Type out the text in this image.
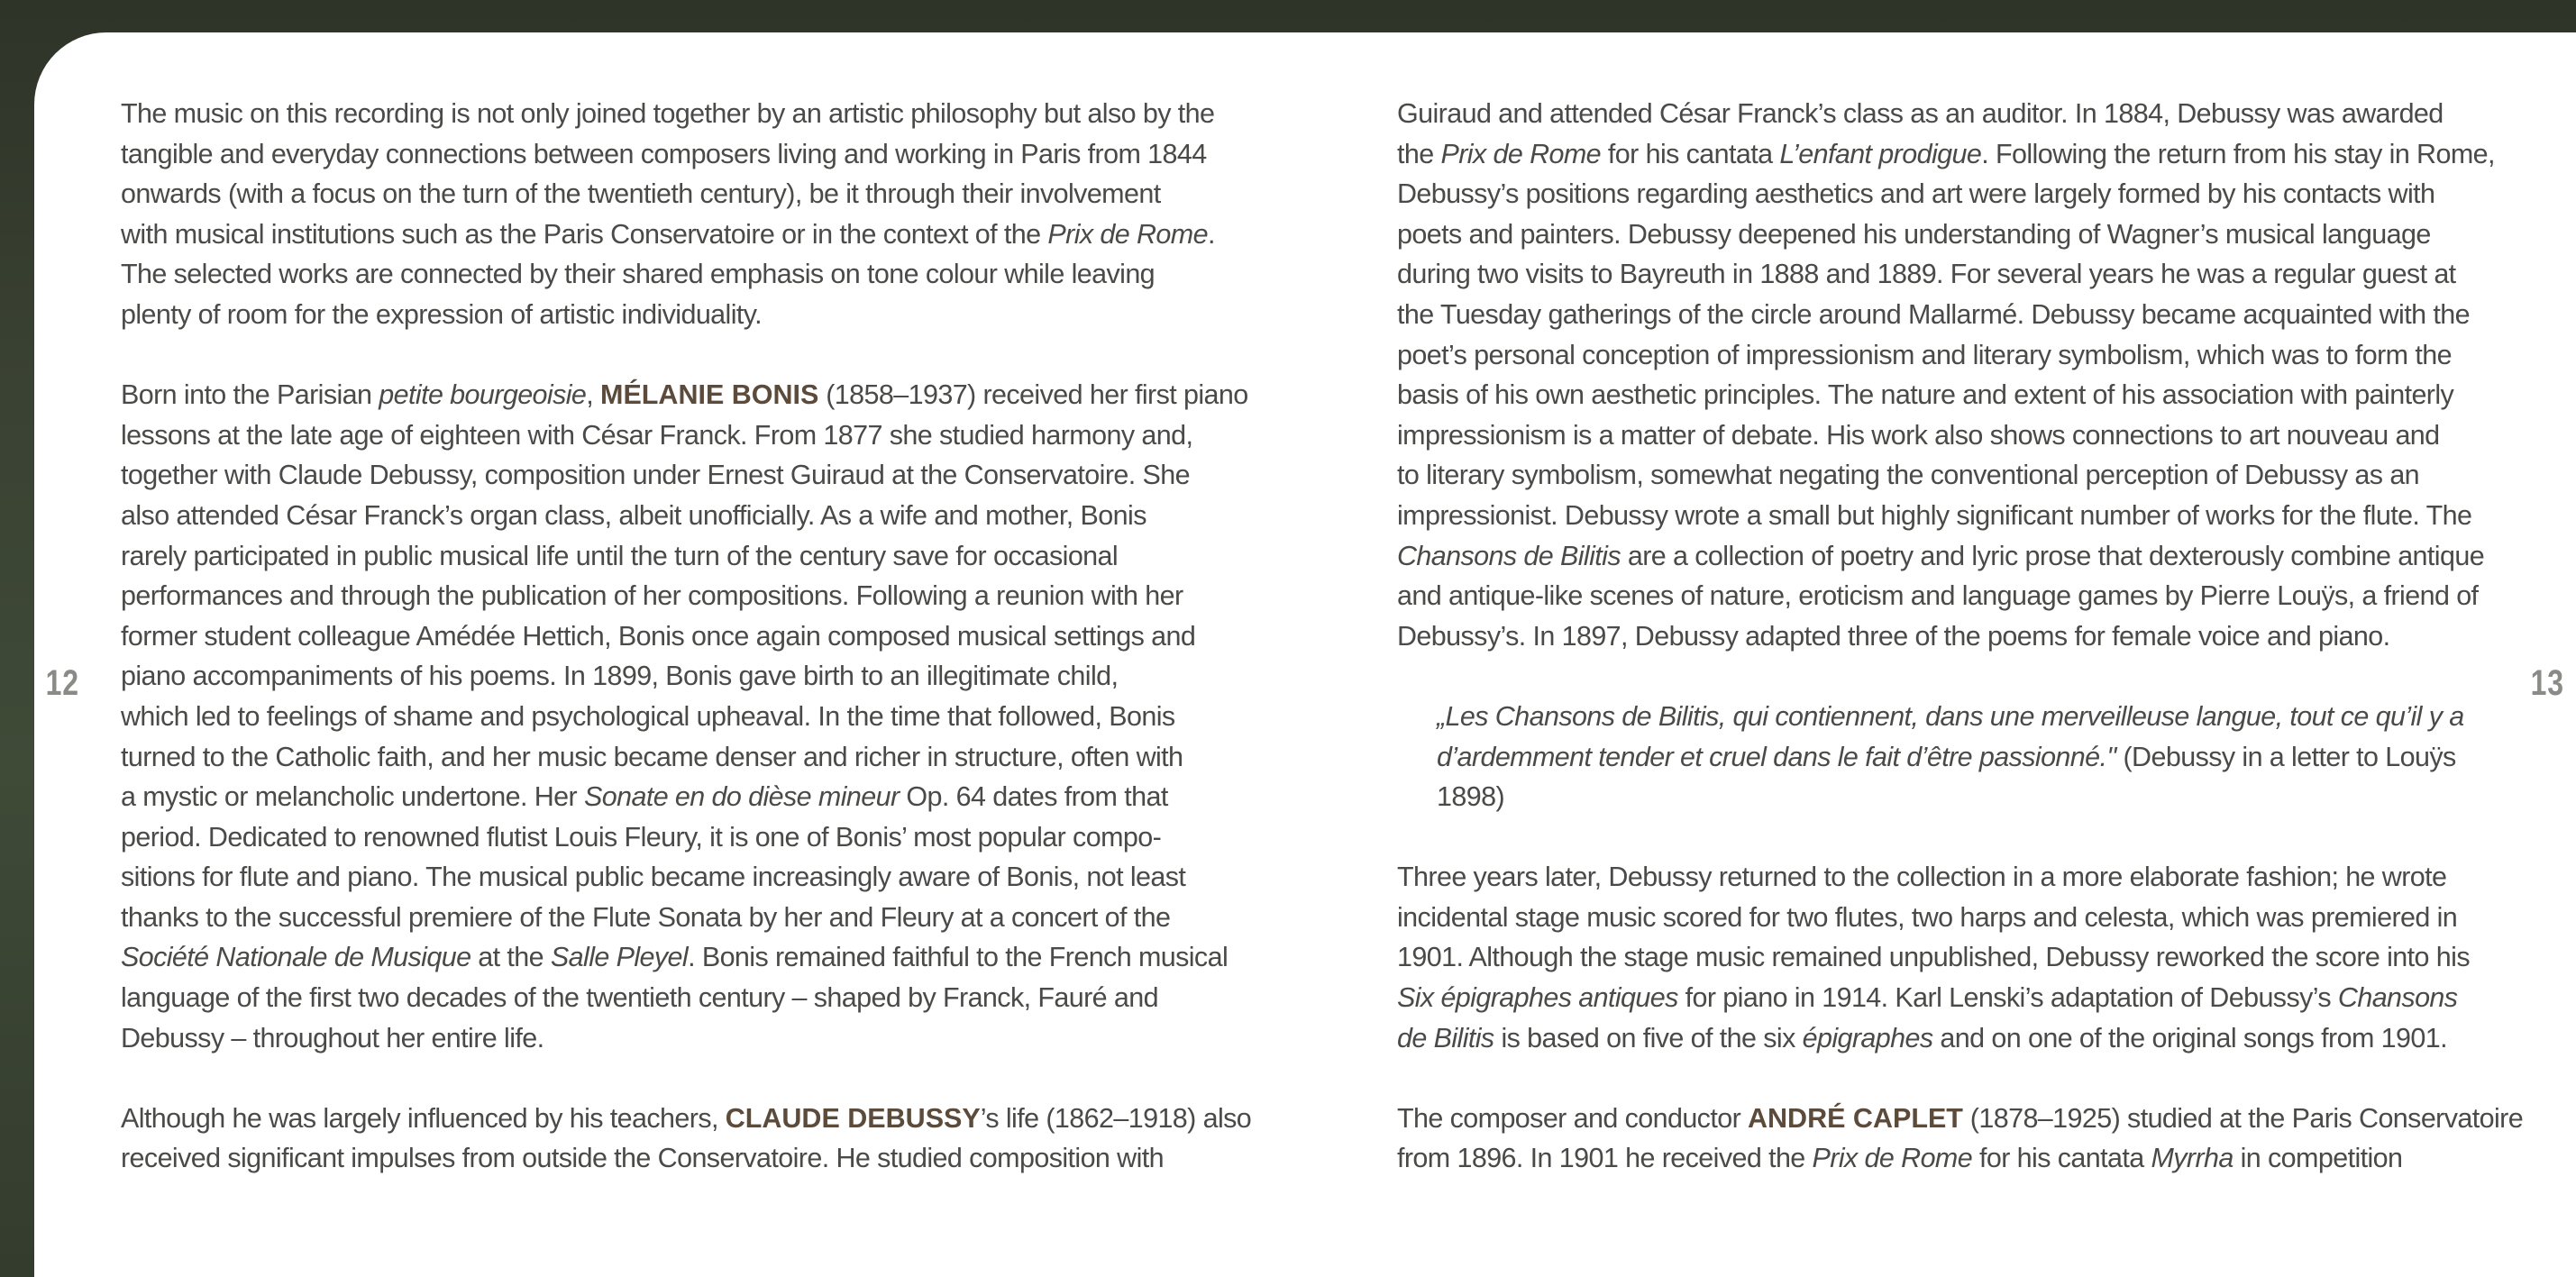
12	13

The music on this recording is not only joined together by an artistic philosophy but also by the
tangible and everyday connections between composers living and working in Paris from 1844
onwards (with a focus on the turn of the twentieth century), be it through their involvement
with musical institutions such as the Paris Conservatoire or in the context of the Prix de Rome.
The selected works are connected by their shared emphasis on tone colour while leaving
plenty of room for the expression of artistic individuality.

Born into the Parisian petite bourgeoisie, MÉLANIE BONIS (1858–1937) received her first piano
lessons at the late age of eighteen with César Franck. From 1877 she studied harmony and,
together with Claude Debussy, composition under Ernest Guiraud at the Conservatoire. She
also attended César Franck’s organ class, albeit unofficially. As a wife and mother, Bonis
rarely participated in public musical life until the turn of the century save for occasional
performances and through the publication of her compositions. Following a reunion with her
former student colleague Amédée Hettich, Bonis once again composed musical settings and
piano accompaniments of his poems. In 1899, Bonis gave birth to an illegitimate child,
which led to feelings of shame and psychological upheaval. In the time that followed, Bonis
turned to the Catholic faith, and her music became denser and richer in structure, often with
a mystic or melancholic undertone. Her Sonate en do dièse mineur Op. 64 dates from that
period. Dedicated to renowned flutist Louis Fleury, it is one of Bonis’ most popular compo-
sitions for flute and piano. The musical public became increasingly aware of Bonis, not least
thanks to the successful premiere of the Flute Sonata by her and Fleury at a concert of the
Société Nationale de Musique at the Salle Pleyel. Bonis remained faithful to the French musical
language of the first two decades of the twentieth century – shaped by Franck, Fauré and
Debussy – throughout her entire life.

Although he was largely influenced by his teachers, CLAUDE DEBUSSY’s life (1862–1918) also
received significant impulses from outside the Conservatoire. He studied composition with

Guiraud and attended César Franck’s class as an auditor. In 1884, Debussy was awarded
the Prix de Rome for his cantata L’enfant prodigue. Following the return from his stay in Rome,
Debussy’s positions regarding aesthetics and art were largely formed by his contacts with
poets and painters. Debussy deepened his understanding of Wagner’s musical language
during two visits to Bayreuth in 1888 and 1889. For several years he was a regular guest at
the Tuesday gatherings of the circle around Mallarmé. Debussy became acquainted with the
poet’s personal conception of impressionism and literary symbolism, which was to form the
basis of his own aesthetic principles. The nature and extent of his association with painterly
impressionism is a matter of debate. His work also shows connections to art nouveau and
to literary symbolism, somewhat negating the conventional perception of Debussy as an
impressionist. Debussy wrote a small but highly significant number of works for the flute. The
Chansons de Bilitis are a collection of poetry and lyric prose that dexterously combine antique
and antique-like scenes of nature, eroticism and language games by Pierre Louÿs, a friend of
Debussy’s. In 1897, Debussy adapted three of the poems for female voice and piano.

„Les Chansons de Bilitis, qui contiennent, dans une merveilleuse langue, tout ce qu’il y a
d’ardemment tender et cruel dans le fait d’être passionné." (Debussy in a letter to Louÿs
1898)

Three years later, Debussy returned to the collection in a more elaborate fashion; he wrote
incidental stage music scored for two flutes, two harps and celesta, which was premiered in
1901. Although the stage music remained unpublished, Debussy reworked the score into his
Six épigraphes antiques for piano in 1914. Karl Lenski’s adaptation of Debussy’s Chansons
de Bilitis is based on five of the six épigraphes and on one of the original songs from 1901.

The composer and conductor ANDRÉ CAPLET (1878–1925) studied at the Paris Conservatoire
from 1896. In 1901 he received the Prix de Rome for his cantata Myrrha in competition
